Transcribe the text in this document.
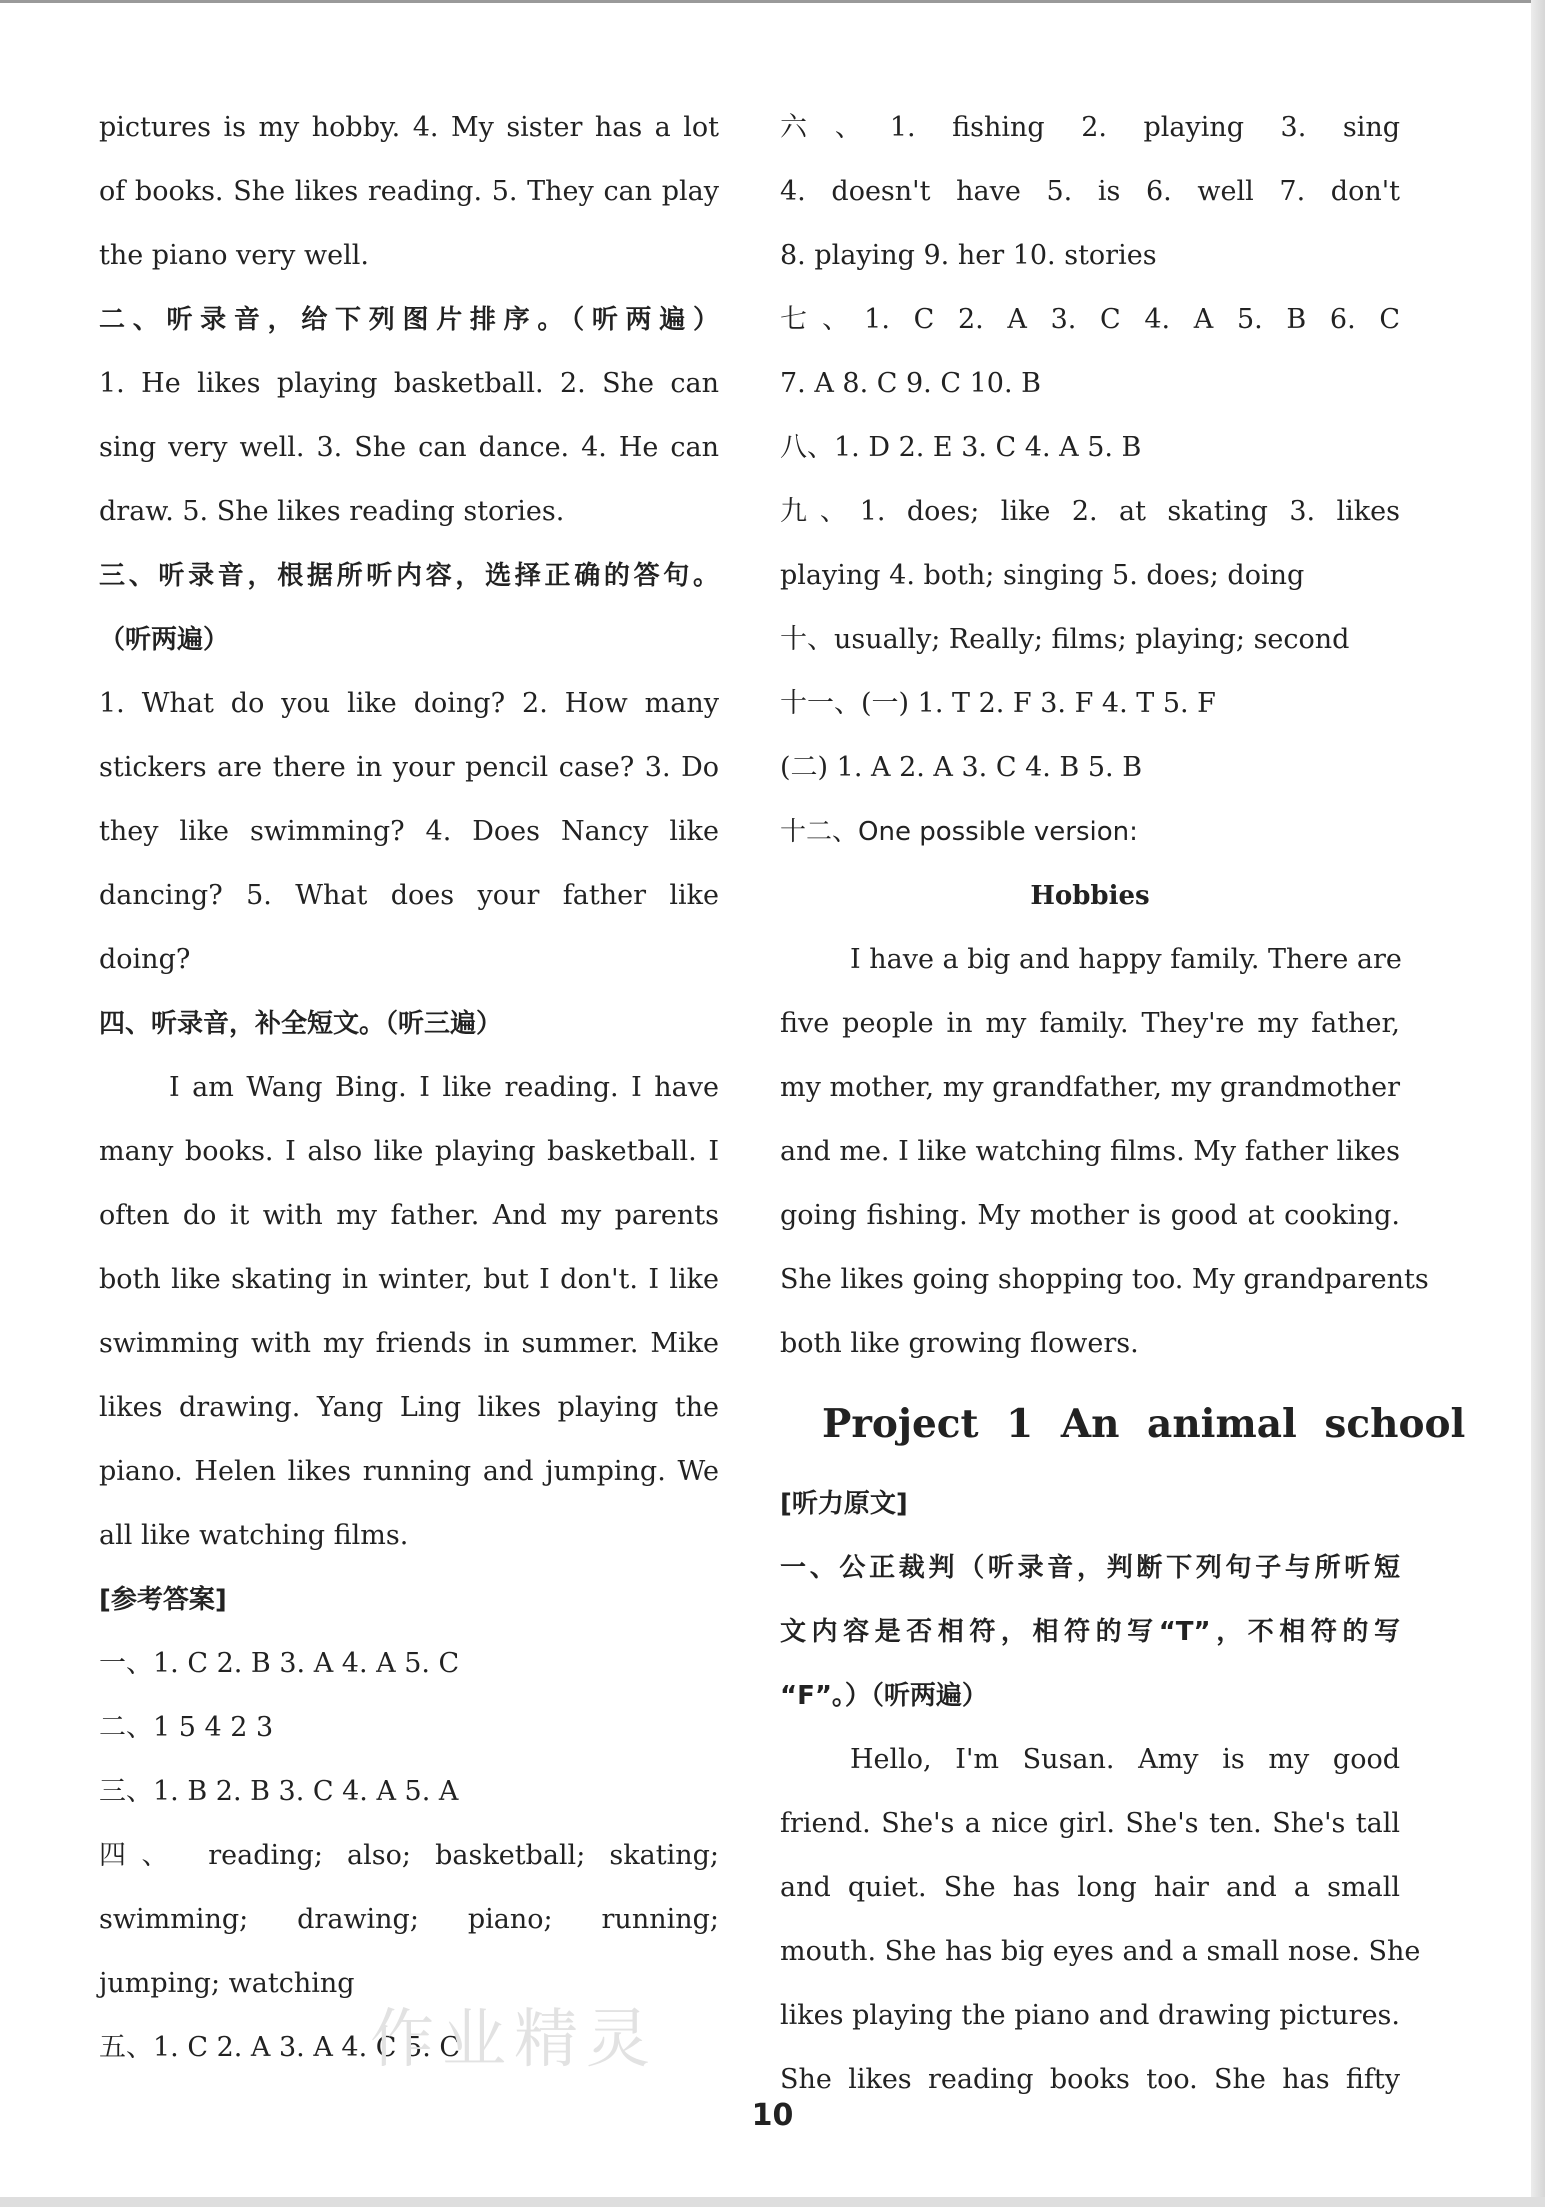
pictures is my hobby. 4. My sister has a lot
of books. She likes reading. 5. They can play
the piano very well.
二、听录音，给下列图片排序。（听两遍）
1. He likes playing basketball. 2. She can
sing very well. 3. She can dance. 4. He can
draw. 5. She likes reading stories.
三、听录音，根据所听内容，选择正确的答句。
（听两遍）
1. What do you like doing? 2. How many
stickers are there in your pencil case? 3. Do
they like swimming? 4. Does Nancy like
dancing? 5. What does your father like
doing?
四、听录音，补全短文。（听三遍）
I am Wang Bing. I like reading. I have
many books. I also like playing basketball. I
often do it with my father. And my parents
both like skating in winter, but I don't. I like
swimming with my friends in summer. Mike
likes drawing. Yang Ling likes playing the
piano. Helen likes running and jumping. We
all like watching films.
[参考答案]
一、1. C 2. B 3. A 4. A 5. C
二、1 5 4 2 3
三、1. B 2. B 3. C 4. A 5. A
四、 reading; also; basketball; skating;
swimming; drawing; piano; running;
jumping; watching
五、1. C 2. A 3. A 4. C 5. C
六、1. fishing 2. playing 3. sing
4. doesn't have 5. is 6. well 7. don't
8. playing 9. her 10. stories
七、1. C 2. A 3. C 4. A 5. B 6. C
7. A 8. C 9. C 10. B
八、1. D 2. E 3. C 4. A 5. B
九、1. does; like 2. at skating 3. likes
playing 4. both; singing 5. does; doing
十、usually; Really; films; playing; second
十一、(一) 1. T 2. F 3. F 4. T 5. F
(二) 1. A 2. A 3. C 4. B 5. B
十二、One possible version:
Hobbies
I have a big and happy family. There are
five people in my family. They're my father,
my mother, my grandfather, my grandmother
and me. I like watching films. My father likes
going fishing. My mother is good at cooking.
She likes going shopping too. My grandparents
both like growing flowers.
Project 1 An animal school
[听力原文]
一、公正裁判（听录音，判断下列句子与所听短
文内容是否相符，相符的写“T”，不相符的写
“F”。）（听两遍）
Hello, I'm Susan. Amy is my good
friend. She's a nice girl. She's ten. She's tall
and quiet. She has long hair and a small
mouth. She has big eyes and a small nose. She
likes playing the piano and drawing pictures.
She likes reading books too. She has fifty
作业精灵
10
